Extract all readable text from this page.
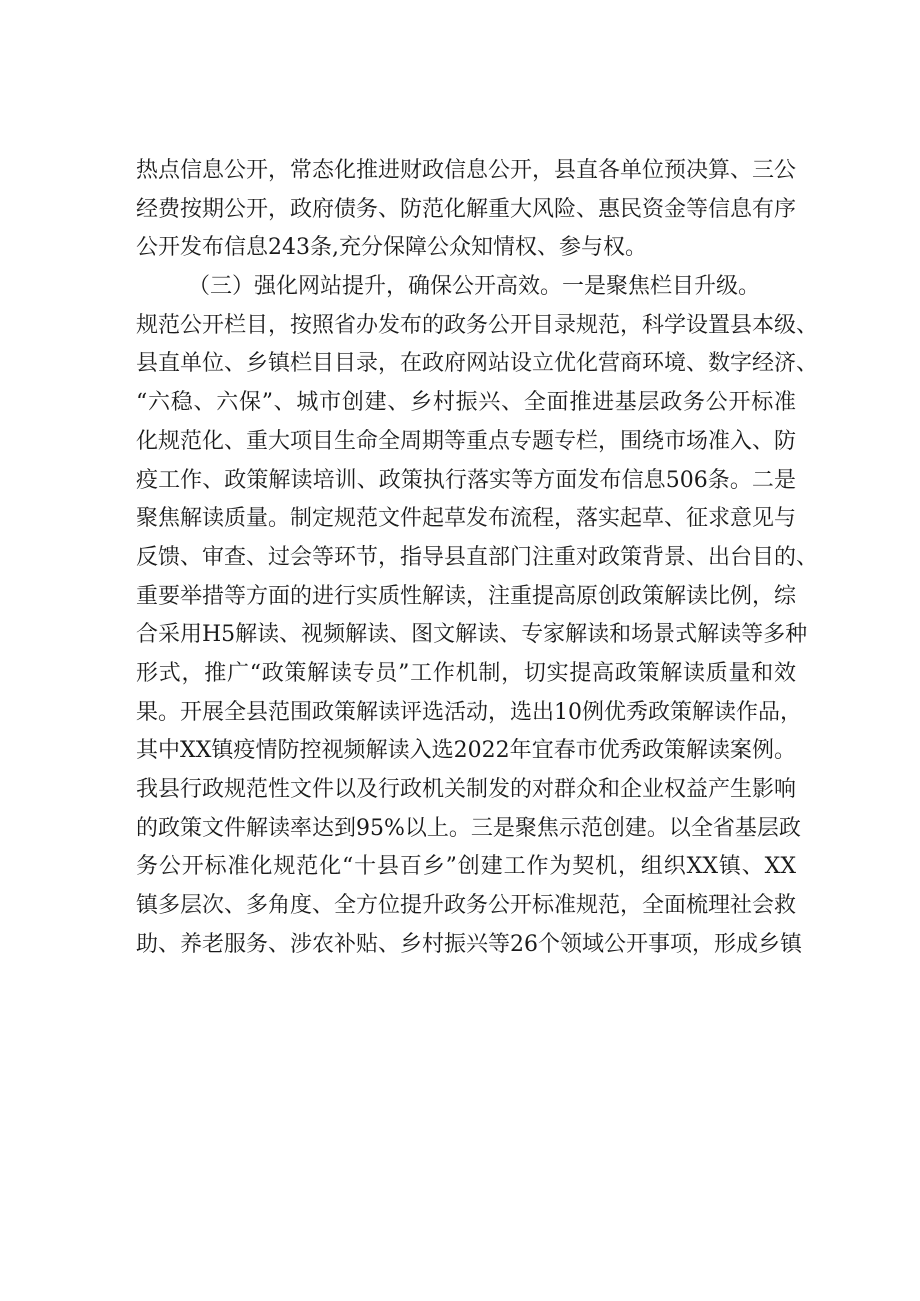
热点信息公开，常态化推进财政信息公开，县直各单位预决算、三公
经费按期公开，政府债务、防范化解重大风险、惠民资金等信息有序
公开发布信息243条,充分保障公众知情权、参与权。
（三）强化网站提升，确保公开高效。一是聚焦栏目升级。
规范公开栏目，按照省办发布的政务公开目录规范，科学设置县本级、
县直单位、乡镇栏目目录，在政府网站设立优化营商环境、数字经济、
“六稳、六保”、城市创建、乡村振兴、全面推进基层政务公开标准
化规范化、重大项目生命全周期等重点专题专栏，围绕市场准入、防
疫工作、政策解读培训、政策执行落实等方面发布信息506条。二是
聚焦解读质量。制定规范文件起草发布流程，落实起草、征求意见与
反馈、审查、过会等环节，指导县直部门注重对政策背景、出台目的、
重要举措等方面的进行实质性解读，注重提高原创政策解读比例，综
合采用H5解读、视频解读、图文解读、专家解读和场景式解读等多种
形式，推广“政策解读专员”工作机制，切实提高政策解读质量和效
果。开展全县范围政策解读评选活动，选出10例优秀政策解读作品，
其中XX镇疫情防控视频解读入选2022年宜春市优秀政策解读案例。
我县行政规范性文件以及行政机关制发的对群众和企业权益产生影响
的政策文件解读率达到95%以上。三是聚焦示范创建。以全省基层政
务公开标准化规范化“十县百乡”创建工作为契机，组织XX镇、XX
镇多层次、多角度、全方位提升政务公开标准规范，全面梳理社会救
助、养老服务、涉农补贴、乡村振兴等26个领域公开事项，形成乡镇
